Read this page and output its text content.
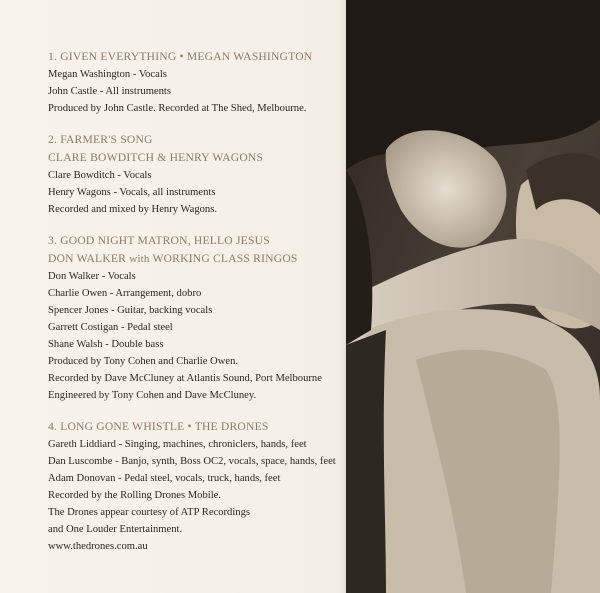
1. GIVEN EVERYTHING • MEGAN WASHINGTON
Megan Washington - Vocals
John Castle - All instruments
Produced by John Castle. Recorded at The Shed, Melbourne.
2. FARMER'S SONG
CLARE BOWDITCH & HENRY WAGONS
Clare Bowditch - Vocals
Henry Wagons - Vocals, all instruments
Recorded and mixed by Henry Wagons.
3. GOOD NIGHT MATRON, HELLO JESUS
DON WALKER with WORKING CLASS RINGOS
Don Walker - Vocals
Charlie Owen - Arrangement, dobro
Spencer Jones - Guitar, backing vocals
Garrett Costigan - Pedal steel
Shane Walsh - Double bass
Produced by Tony Cohen and Charlie Owen.
Recorded by Dave McCluney at Atlantis Sound, Port Melbourne
Engineered by Tony Cohen and Dave McCluney.
4. LONG GONE WHISTLE • THE DRONES
Gareth Liddiard - Singing, machines, chroniclers, hands, feet
Dan Luscombe - Banjo, synth, Boss OC2, vocals, space, hands, feet
Adam Donovan - Pedal steel, vocals, truck, hands, feet
Recorded by the Rolling Drones Mobile.
The Drones appear courtesy of ATP Recordings
and One Louder Entertainment.
www.thedrones.com.au
